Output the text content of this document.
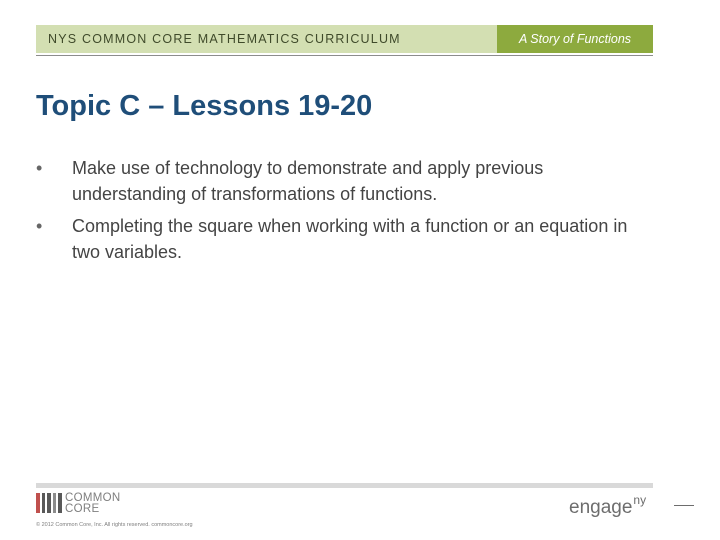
NYS COMMON CORE MATHEMATICS CURRICULUM	A Story of Functions
Topic C – Lessons 19-20
• Make use of technology to demonstrate and apply previous understanding of transformations of functions.
• Completing the square when working with a function or an equation in two variables.
COMMON
CORE
© 2012 Common Core, Inc. All rights reserved. commoncore.org
engage$^{ny}$
